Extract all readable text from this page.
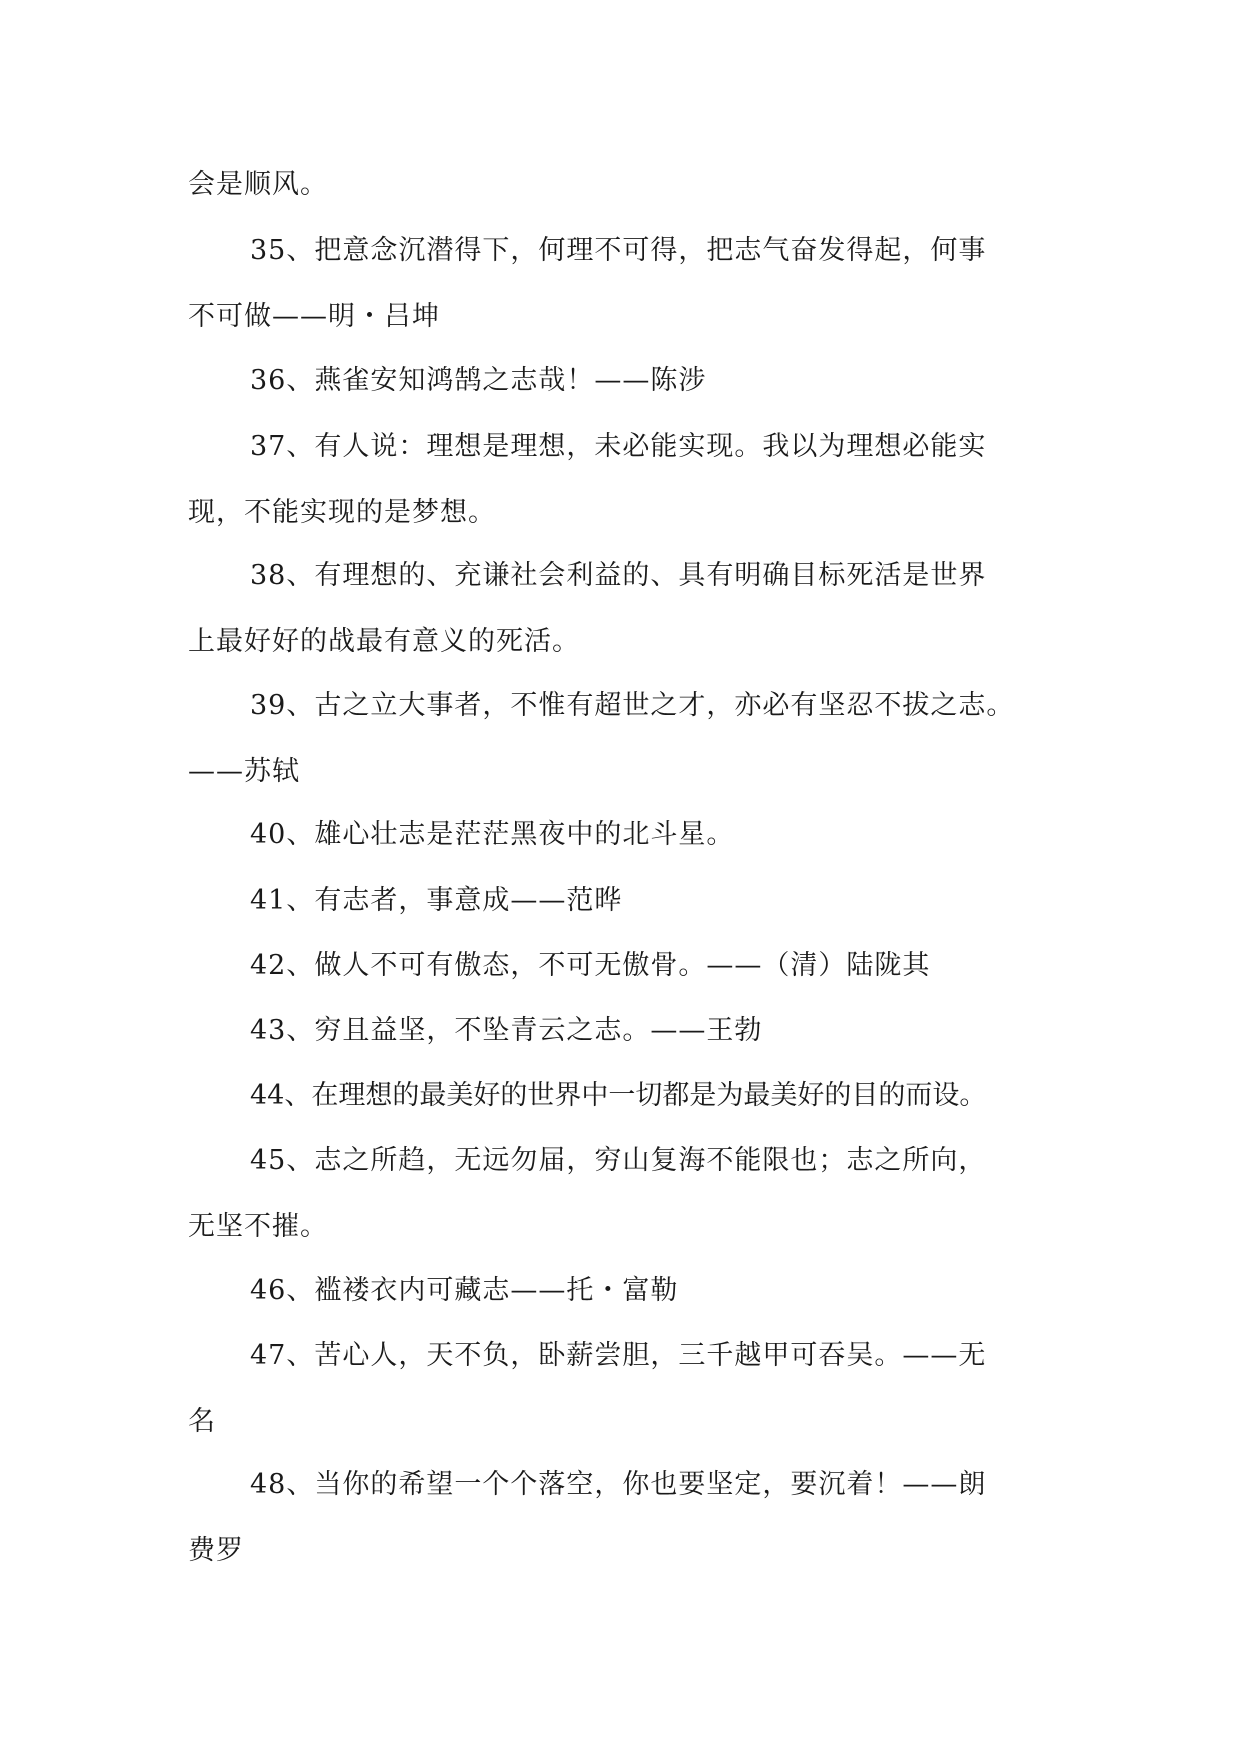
会是顺风。
35、把意念沉潜得下，何理不可得，把志气奋发得起，何事
不可做——明・吕坤
36、燕雀安知鸿鹄之志哉！——陈涉
37、有人说：理想是理想，未必能实现。我以为理想必能实
现，不能实现的是梦想。
38、有理想的、充谦社会利益的、具有明确目标死活是世界
上最好好的战最有意义的死活。
39、古之立大事者，不惟有超世之才，亦必有坚忍不拔之志。
——苏轼
40、雄心壮志是茫茫黑夜中的北斗星。
41、有志者，事意成——范晔
42、做人不可有傲态，不可无傲骨。——（清）陆陇其
43、穷且益坚，不坠青云之志。——王勃
44、在理想的最美好的世界中一切都是为最美好的目的而设。
45、志之所趋，无远勿届，穷山复海不能限也；志之所向，
无坚不摧。
46、褴褛衣内可藏志——托・富勒
47、苦心人，天不负，卧薪尝胆，三千越甲可吞吴。——无
名
48、当你的希望一个个落空，你也要坚定，要沉着！——朗
费罗
